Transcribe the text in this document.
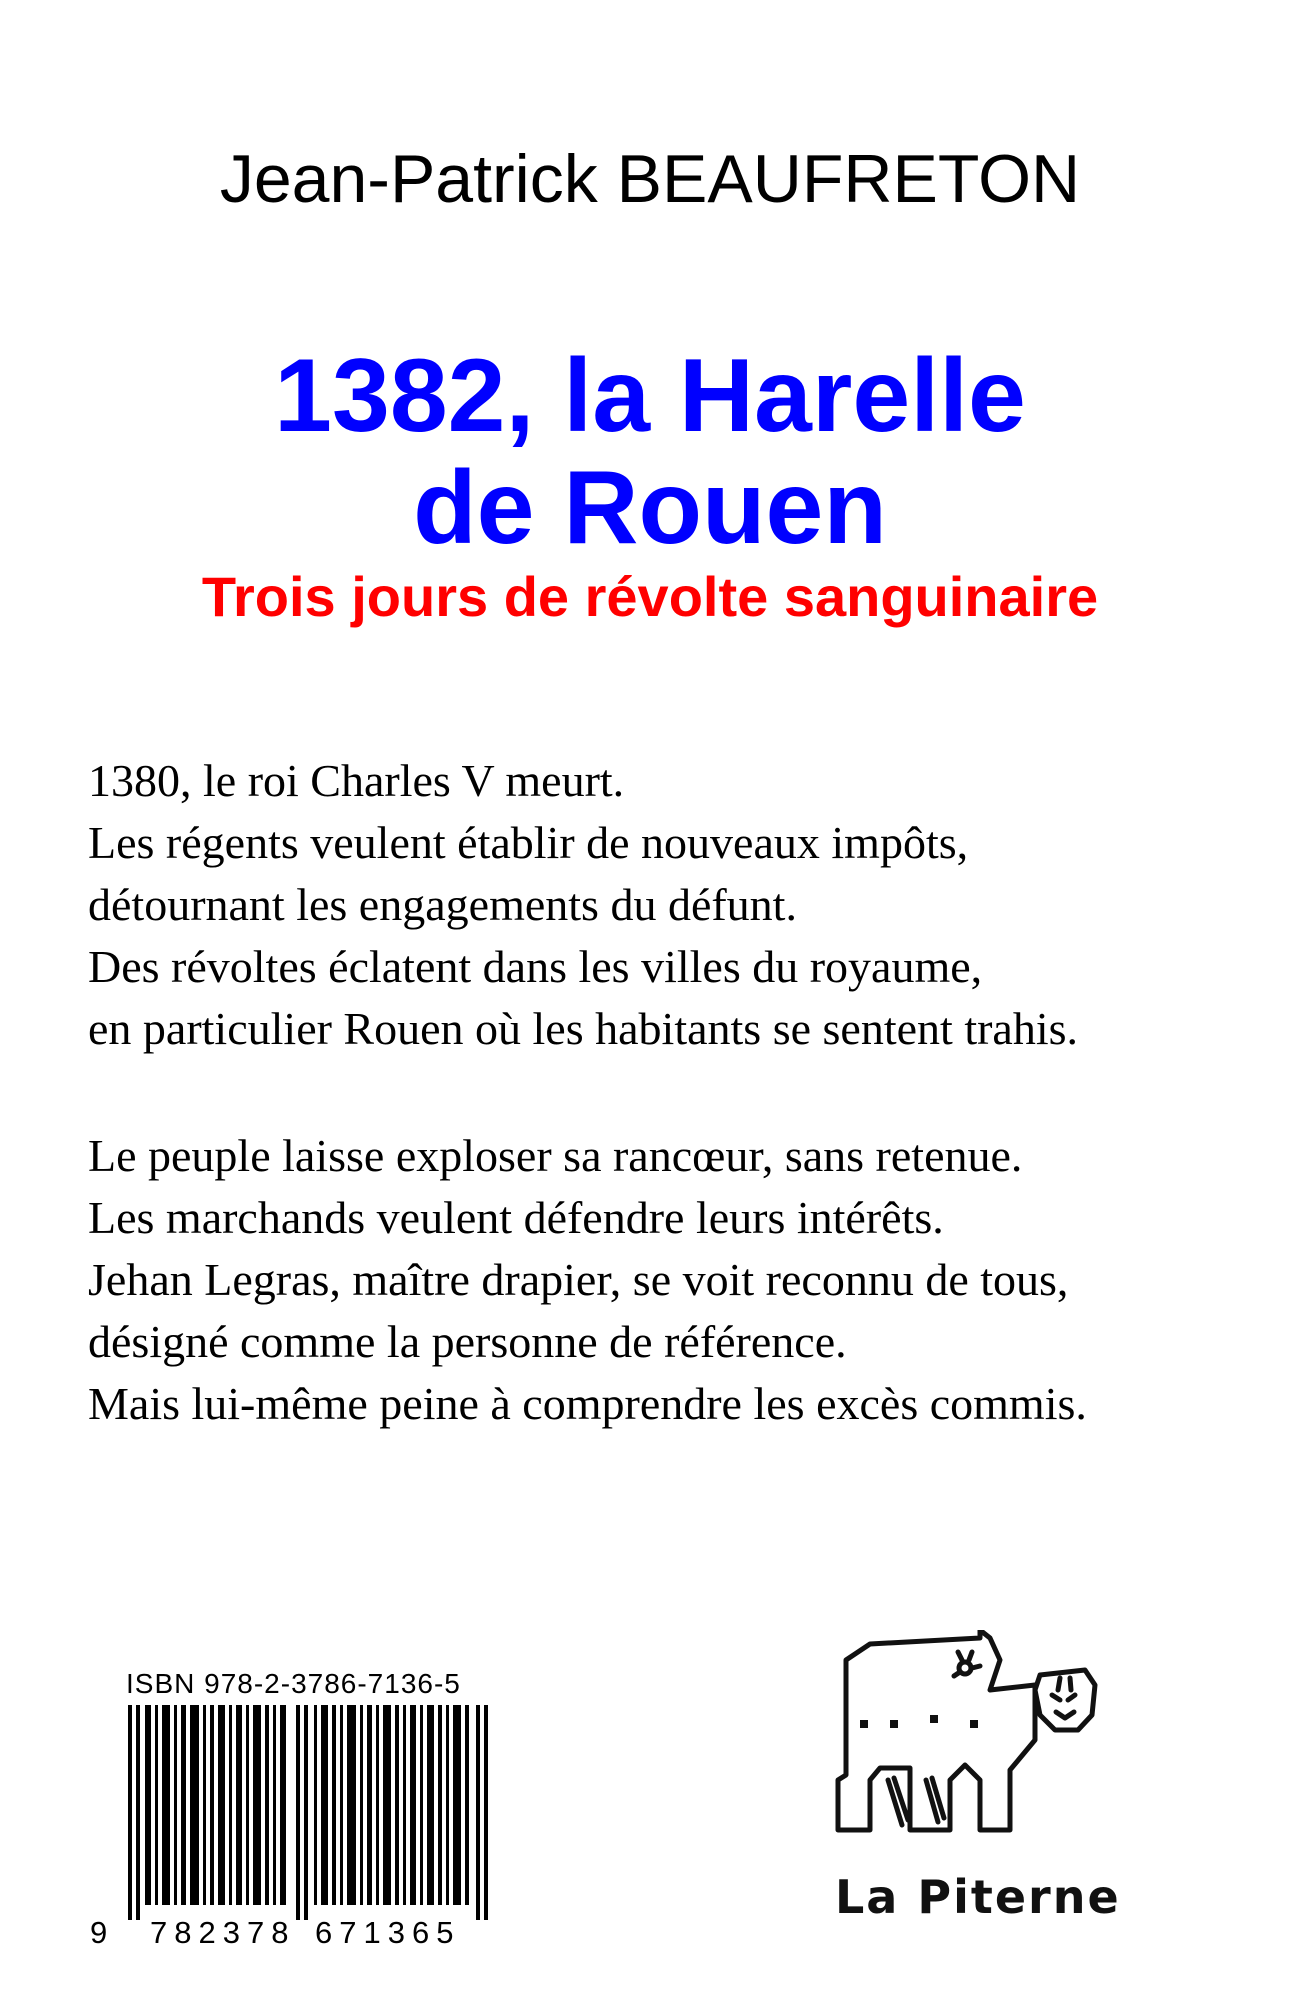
Jean-Patrick BEAUFRETON
1382, la Harelle
de Rouen
Trois jours de révolte sanguinaire

1380, le roi Charles V meurt.

Les régents veulent établir de nouveaux impôts,

détournant les engagements du défunt.

Des révoltes éclatent dans les villes du royaume,

en particulier Rouen où les habitants se sentent trahis.

Le peuple laisse exploser sa rancœur, sans retenue.

Les marchands veulent défendre leurs intérêts.

Jehan Legras, maître drapier, se voit reconnu de tous,

désigné comme la personne de référence.

Mais lui-même peine à comprendre les excès commis.

ISBN 978-2-3786-7136-5
9 782378 671365
La Piterne
